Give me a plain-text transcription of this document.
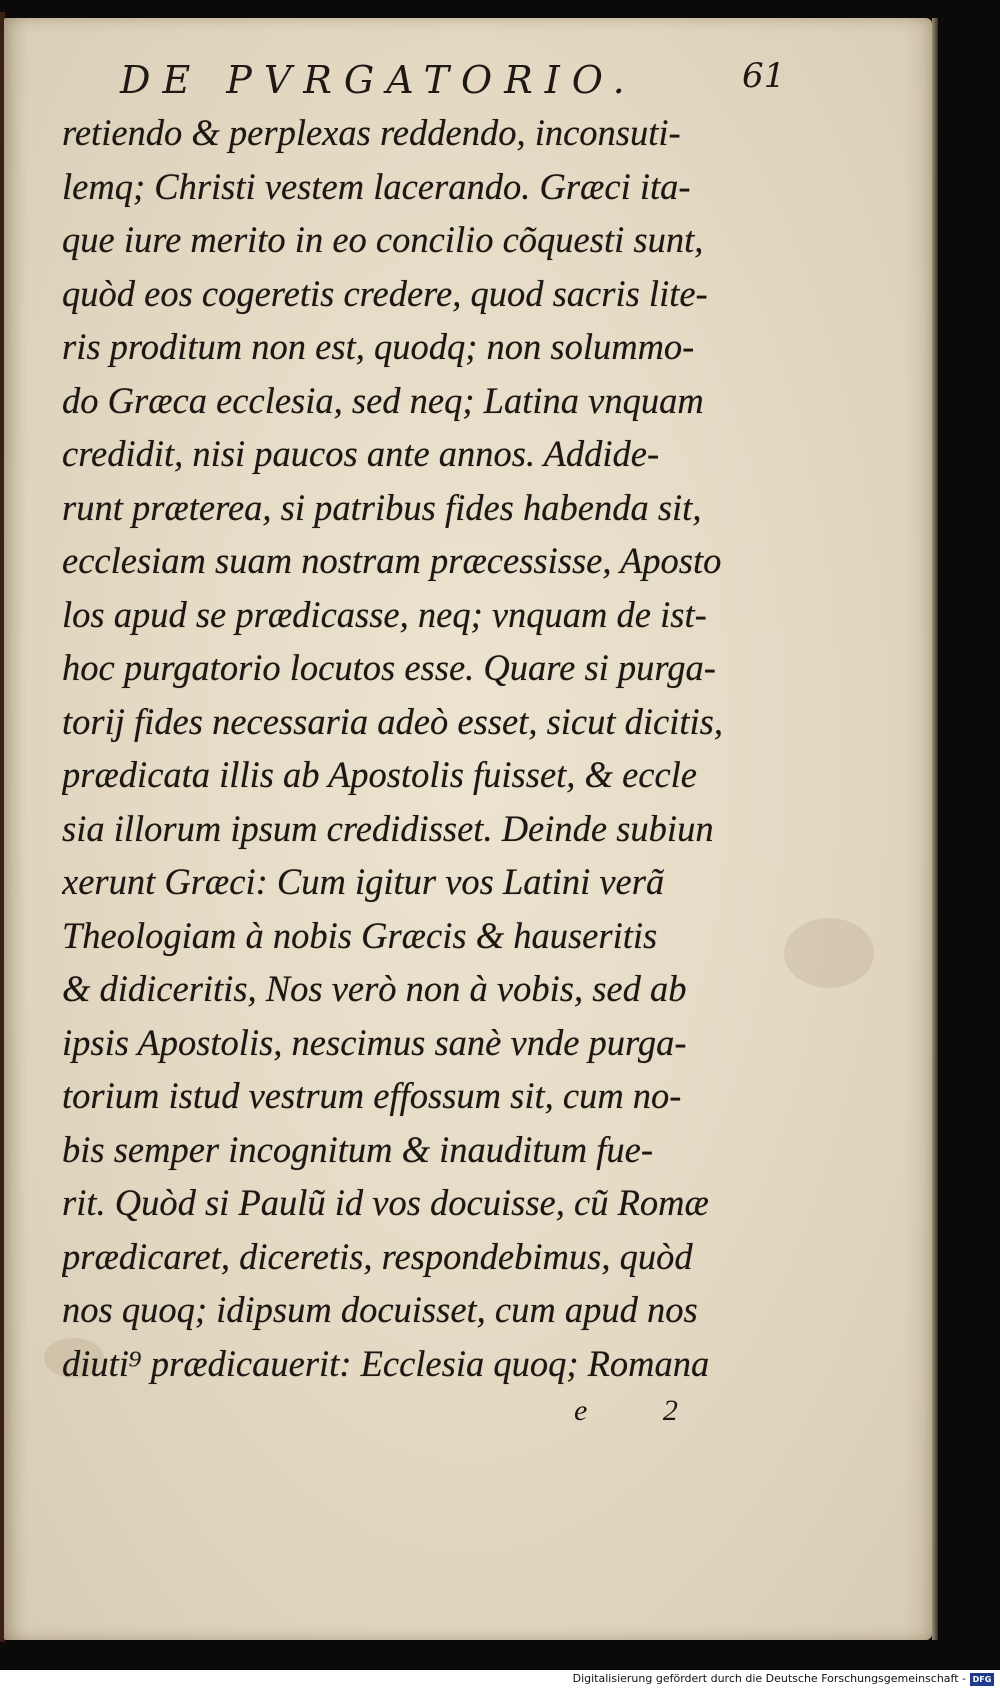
DE PVRGATORIO.	61
retiendo & perplexas reddendo, inconsuti-
lemq; Christi vestem lacerando. Græci ita-
que iure merito in eo concilio cõquesti sunt,
quòd eos cogeretis credere, quod sacris lite-
ris proditum non est, quodq; non solummo-
do Græca ecclesia, sed neq; Latina vnquam
credidit, nisi paucos ante annos. Addide-
runt præterea, si patribus fides habenda sit,
ecclesiam suam nostram præcessisse, Aposto
los apud se prædicasse, neq; vnquam de ist-
hoc purgatorio locutos esse. Quare si purga-
torij fides necessaria adeò esset, sicut dicitis,
prædicata illis ab Apostolis fuisset, & eccle
sia illorum ipsum credidisset. Deinde subiun
xerunt Græci: Cum igitur vos Latini verã
Theologiam à nobis Græcis & hauseritis
& didiceritis, Nos verò non à vobis, sed ab
ipsis Apostolis, nescimus sanè vnde purga-
torium istud vestrum effossum sit, cum no-
bis semper incognitum & inauditum fue-
rit. Quòd si Paulũ id vos docuisse, cũ Romæ
prædicaret, diceretis, respondebimus, quòd
nos quoq; idipsum docuisset, cum apud nos
diuti⁹ prædicauerit: Ecclesia quoq; Romana
e 2
Digitalisierung gefördert durch die Deutsche Forschungsgemeinschaft - DFG
